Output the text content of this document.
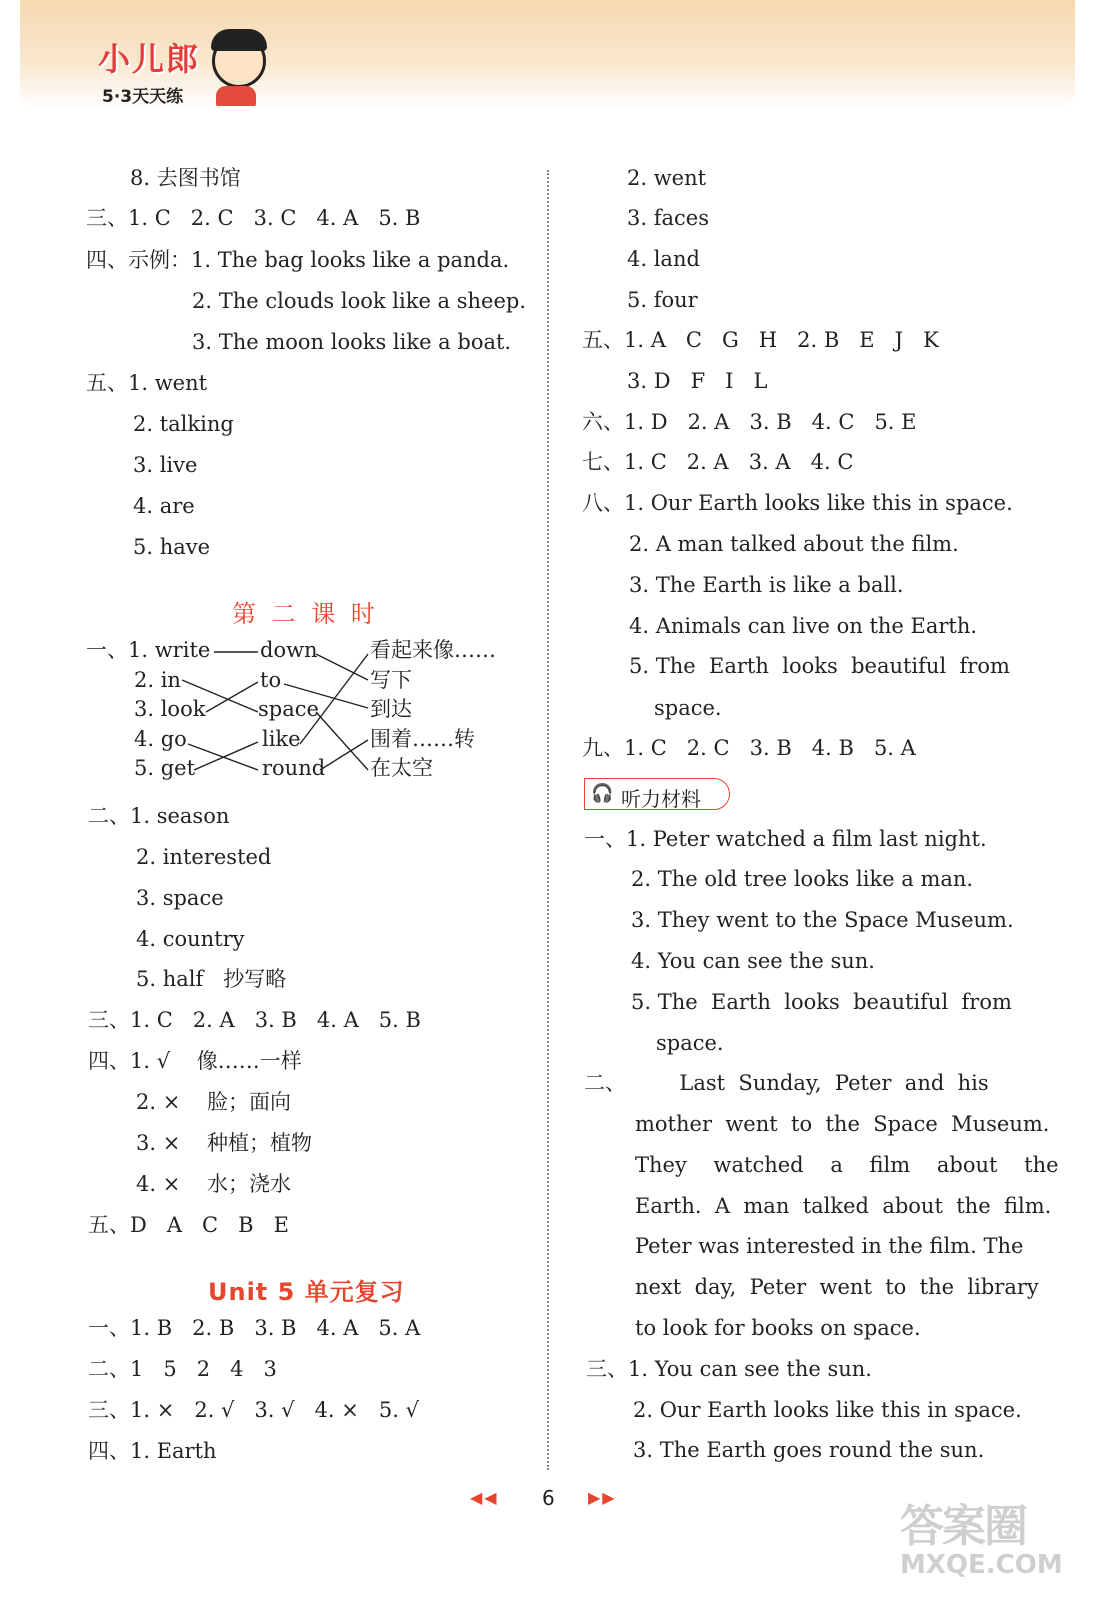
小儿郎
5·3天天练
8. 去图书馆
三、1. C   2. C   3. C   4. A   5. B
四、示例：1. The bag looks like a panda.
2. The clouds look like a sheep.
3. The moon looks like a boat.
五、1. went
2. talking
3. live
4. are
5. have
第 二 课 时
一、1. write
2. in
3. look
4. go
5. get
down
to
space
like
round
看起来像……
写下
到达
围着……转
在太空
二、1. season
2. interested
3. space
4. country
5. half   抄写略
三、1. C   2. A   3. B   4. A   5. B
四、1. √    像……一样
2. ×    脸；面向
3. ×    种植；植物
4. ×    水；浇水
五、D   A   C   B   E
Unit 5 单元复习
一、1. B   2. B   3. B   4. A   5. A
二、1   5   2   4   3
三、1. ×   2. √   3. √   4. ×   5. √
四、1. Earth
2. went
3. faces
4. land
5. four
五、1. A   C   G   H   2. B   E   J   K
3. D   F   I   L
六、1. D   2. A   3. B   4. C   5. E
七、1. C   2. A   3. A   4. C
八、1. Our Earth looks like this in space.
2. A man talked about the film.
3. The Earth is like a ball.
4. Animals can live on the Earth.
5. The  Earth  looks  beautiful  from
space.
九、1. C   2. C   3. B   4. B   5. A
🎧 听力材料
一、1. Peter watched a film last night.
2. The old tree looks like a man.
3. They went to the Space Museum.
4. You can see the sun.
5. The  Earth  looks  beautiful  from
space.
二、        Last  Sunday,  Peter  and  his
mother  went  to  the  Space  Museum.
They    watched    a    film    about    the
Earth.  A  man  talked  about  the  film.
Peter was interested in the film. The
next  day,  Peter  went  to  the  library
to look for books on space.
三、1. You can see the sun.
2. Our Earth looks like this in space.
3. The Earth goes round the sun.
◀◀ 6 ▶▶
答案圈
MXQE.COM
